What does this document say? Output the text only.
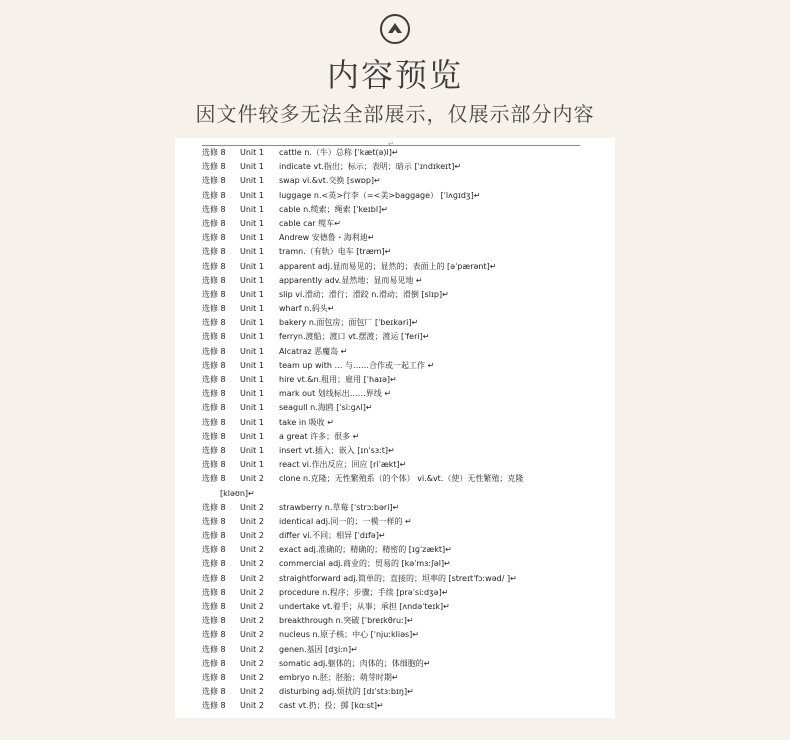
内容预览
因文件较多无法全部展示，仅展示部分内容
↵
选修 8 Unit 1 cattle n.（牛）总称 [ˈkæt(ə)l]↵
选修 8 Unit 1 indicate vt.指出；标示；表明；暗示 [ˈɪndɪkeɪt]↵
选修 8 Unit 1 swap vi.&vt.交换 [swɒp]↵
选修 8 Unit 1 luggage n.<英>行李（=<美>baggage） [ˈlʌɡɪdʒ]↵
选修 8 Unit 1 cable n.缆索；绳索 [ˈkeɪbl]↵
选修 8 Unit 1 cable car 缆车↵
选修 8 Unit 1 Andrew 安德鲁・海利迪↵
选修 8 Unit 1 tramn.（有轨）电车 [træm]↵
选修 8 Unit 1 apparent adj.显而易见的；显然的；表面上的 [əˈpærənt]↵
选修 8 Unit 1 apparently adv.显然地；显而易见地 ↵
选修 8 Unit 1 slip vi.滑动；滑行；滑跤 n.滑动；滑倒 [slɪp]↵
选修 8 Unit 1 wharf n.码头↵
选修 8 Unit 1 bakery n.面包房；面包厂 [ˈbeɪkəri]↵
选修 8 Unit 1 ferryn.渡船；渡口 vt.摆渡；渡运 [ˈferi]↵
选修 8 Unit 1 Alcatraz 恶魔岛 ↵
选修 8 Unit 1 team up with … 与……合作或一起工作 ↵
选修 8 Unit 1 hire vt.&n.租用；雇用 [ˈhaɪə]↵
选修 8 Unit 1 mark out 划线标出……界线 ↵
选修 8 Unit 1 seagull n.海鸥 [ˈsiːɡʌl]↵
选修 8 Unit 1 take in 吸收 ↵
选修 8 Unit 1 a great 许多；很多 ↵
选修 8 Unit 1 insert vt.插入；嵌入 [ɪnˈsɜːt]↵
选修 8 Unit 1 react vi.作出反应；回应 [riˈækt]↵
选修 8 Unit 2 clone n.克隆；无性繁殖系（的个体） vi.&vt.（使）无性繁殖；克隆
[kləʊn]↵
选修 8 Unit 2 strawberry n.草莓 [ˈstrɔːbəri]↵
选修 8 Unit 2 identical adj.同一的；一模一样的 ↵
选修 8 Unit 2 differ vi.不同；相异 [ˈdɪfə]↵
选修 8 Unit 2 exact adj.准确的；精确的；精密的 [ɪɡˈzækt]↵
选修 8 Unit 2 commercial adj.商业的；贸易的 [kəˈmɜːʃəl]↵
选修 8 Unit 2 straightforward adj.简单的；直接的；坦率的 [streɪtˈfɔːwəd/ ]↵
选修 8 Unit 2 procedure n.程序；步骤；手续 [prəˈsiːdʒə]↵
选修 8 Unit 2 undertake vt.着手；从事；承担 [ʌndəˈteɪk]↵
选修 8 Unit 2 breakthrough n.突破 [ˈbreɪkθruː]↵
选修 8 Unit 2 nucleus n.原子核；中心 [ˈnjuːkliəs]↵
选修 8 Unit 2 genen.基因 [dʒiːn]↵
选修 8 Unit 2 somatic adj.躯体的；肉体的；体细胞的↵
选修 8 Unit 2 embryo n.胚；胚胎；萌芽时期↵
选修 8 Unit 2 disturbing adj.烦扰的 [dɪˈstɜːbɪŋ]↵
选修 8 Unit 2 cast vt.扔；投；掷 [kɑːst]↵
